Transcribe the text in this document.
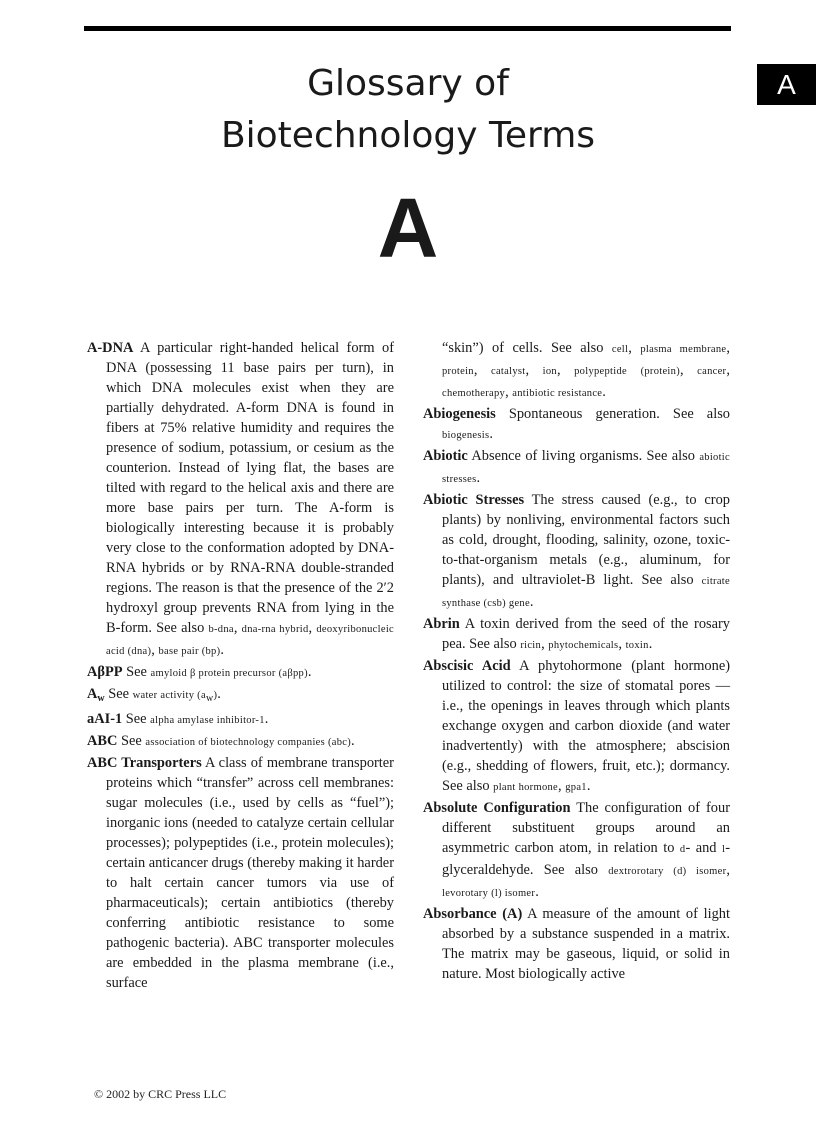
A
Glossary of
Biotechnology Terms
A

A-DNA A particular right-handed helical form of DNA (possessing 11 base pairs per turn), in which DNA molecules exist when they are partially dehydrated. A-form DNA is found in fibers at 75% relative humidity and requires the presence of sodium, potassium, or cesium as the counterion. Instead of lying flat, the bases are tilted with regard to the helical axis and there are more base pairs per turn. The A-form is biologically interesting because it is probably very close to the conformation adopted by DNA-RNA hybrids or by RNA-RNA double-stranded regions. The reason is that the presence of the 2′2 hydroxyl group prevents RNA from lying in the B-form. See also b-dna, dna-rna hybrid, deoxyribonucleic acid (dna), base pair (bp).

AβPP See amyloid β protein precursor (aβpp).

$A_w$ See water activity (aw).

aAI-1 See alpha amylase inhibitor-1.

ABC See association of biotechnology companies (abc).

ABC Transporters A class of membrane transporter proteins which “transfer” across cell membranes: sugar molecules (i.e., used by cells as “fuel”); inorganic ions (needed to catalyze certain cellular processes); polypeptides (i.e., protein molecules); certain anticancer drugs (thereby making it harder to halt certain cancer tumors via use of pharmaceuticals); certain antibiotics (thereby conferring antibiotic resistance to some pathogenic bacteria). ABC transporter molecules are embedded in the plasma membrane (i.e., surface

“skin”) of cells. See also cell, plasma membrane, protein, catalyst, ion, polypeptide (protein), cancer, chemotherapy, antibiotic resistance.

Abiogenesis Spontaneous generation. See also biogenesis.

Abiotic Absence of living organisms. See also abiotic stresses.

Abiotic Stresses The stress caused (e.g., to crop plants) by nonliving, environmental factors such as cold, drought, flooding, salinity, ozone, toxic-to-that-organism metals (e.g., aluminum, for plants), and ultraviolet-B light. See also citrate synthase (csb) gene.

Abrin A toxin derived from the seed of the rosary pea. See also ricin, phytochemicals, toxin.

Abscisic Acid A phytohormone (plant hormone) utilized to control: the size of stomatal pores — i.e., the openings in leaves through which plants exchange oxygen and carbon dioxide (and water inadvertently) with the atmosphere; abscision (e.g., shedding of flowers, fruit, etc.); dormancy. See also plant hormone, gpa1.

Absolute Configuration The configuration of four different substituent groups around an asymmetric carbon atom, in relation to d- and l-glyceraldehyde. See also dextrorotary (d) isomer, levorotary (l) isomer.

Absorbance (A) A measure of the amount of light absorbed by a substance suspended in a matrix. The matrix may be gaseous, liquid, or solid in nature. Most biologically active

© 2002 by CRC Press LLC
